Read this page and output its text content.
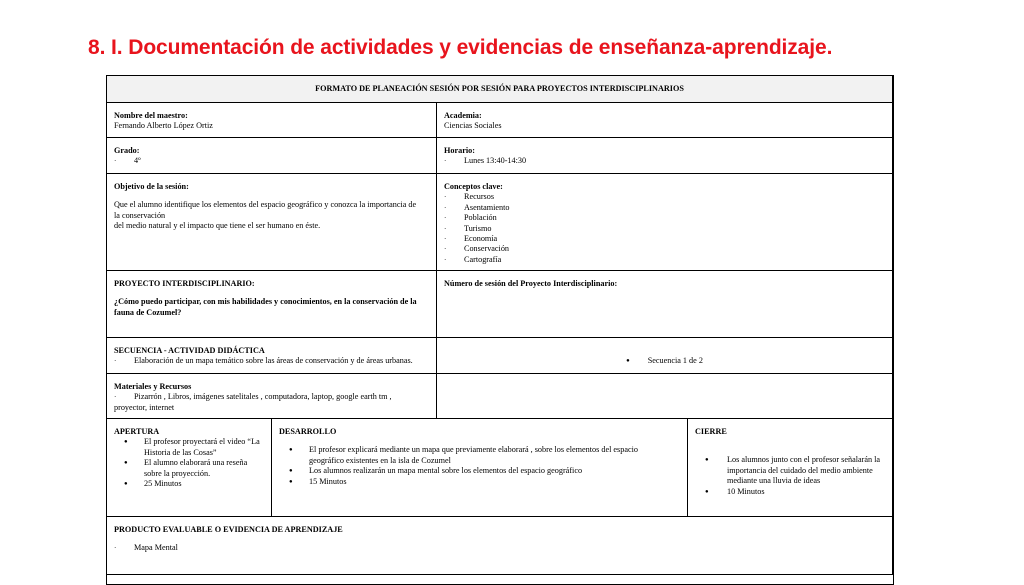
8. I. Documentación de actividades y evidencias de enseñanza-aprendizaje.
FORMATO DE PLANEACIÓN SESIÓN POR SESIÓN PARA PROYECTOS INTERDISCIPLINARIOS
Nombre del maestro:
Fernando Alberto López Ortiz
Academia:
Ciencias Sociales
Grado:
· 4º
Horario:
· Lunes 13:40-14:30
Objetivo de la sesión:
Que el alumno identifique los elementos del espacio geográfico y conozca la importancia de
la conservación
del medio natural y el impacto que tiene el ser humano en éste.
Conceptos clave:
· Recursos
· Asentamiento
· Población
· Turismo
· Economía
· Conservación
· Cartografía
PROYECTO INTERDISCIPLINARIO:
¿Cómo puedo participar, con mis habilidades y conocimientos, en la conservación de la fauna de Cozumel?
Número de sesión del Proyecto Interdisciplinario:
SECUENCIA - ACTIVIDAD DIDÁCTICA
· Elaboración de un mapa temático sobre las áreas de conservación y de áreas urbanas.	● Secuencia 1 de 2
Materiales y Recursos
· Pizarrón , Libros, imágenes satelitales , computadora, laptop, google earth tm ,
proyector, internet
APERTURA
● El profesor proyectará el video “La Historia de las Cosas”
● El alumno elaborará una reseña sobre la proyección.
● 25 Minutos
DESARROLLO
● El profesor explicará mediante un mapa que previamente elaborará , sobre los elementos del espacio geográfico existentes en la isla de Cozumel
● Los alumnos realizarán un mapa mental sobre los elementos del espacio geográfico
● 15 Minutos
CIERRE
● Los alumnos junto con el profesor señalarán la importancia del cuidado del medio ambiente mediante una lluvia de ideas
● 10 Minutos
PRODUCTO EVALUABLE O EVIDENCIA DE APRENDIZAJE
· Mapa Mental
